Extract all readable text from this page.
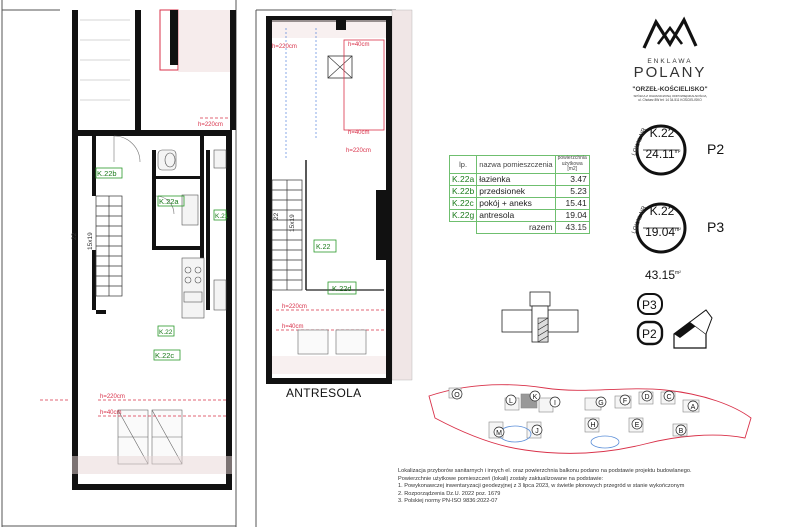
K.22b
K.22a
K.22c
K.22
K.21
h=220cm
h=220cm
h=40cm
22 15x19	K.22
K.22d
h=220cm
h=40cm
h=220cm
h=220cm
h=40cm
h=40cm
22 15x19
ANTRESOLA
ENKLAWA
POLANY
"ORZEŁ-KOŚCIELISKO"
SPÓŁKA Z OGRANICZONĄ ODPOWIEDZIALNOŚCIĄ
ul. Chotarz 8W tel: 14 34-511 KOŚCIELISKO
lp.	nazwa pomieszczenia	powierzchnia użytkowa [m2]
K.22a	łazienka	3.47
K.22b	przedsionek	5.23
K.22c	pokój + aneks	15.41
K.22g	antresola	19.04
	razem	43.15
LOKAL NR K.22
$24.11^{m^2}$	P2
LOKAL NR K.22
$19.04^{m^2}$ P3
$43.15^{m^2}$
P3
P2
O
L
K
I	G	F
D C
A
M	J
H	E
B
Lokalizacja przyborów sanitarnych i innych el. oraz powierzchnia balkonu podano na podstawie projektu budowlanego.
Powierzchnie użytkowe pomieszczeń (lokali) zostały zaktualizowane na podstawie:
1. Powykonawczej inwentaryzacji geodezyjnej z 3 lipca 2023, w świetle płonowych przegród w stanie wykończonym
2. Rozporządzenia Dz.U. 2022 poz. 1679
3. Polskiej normy PN-ISO 9836:2022-07
